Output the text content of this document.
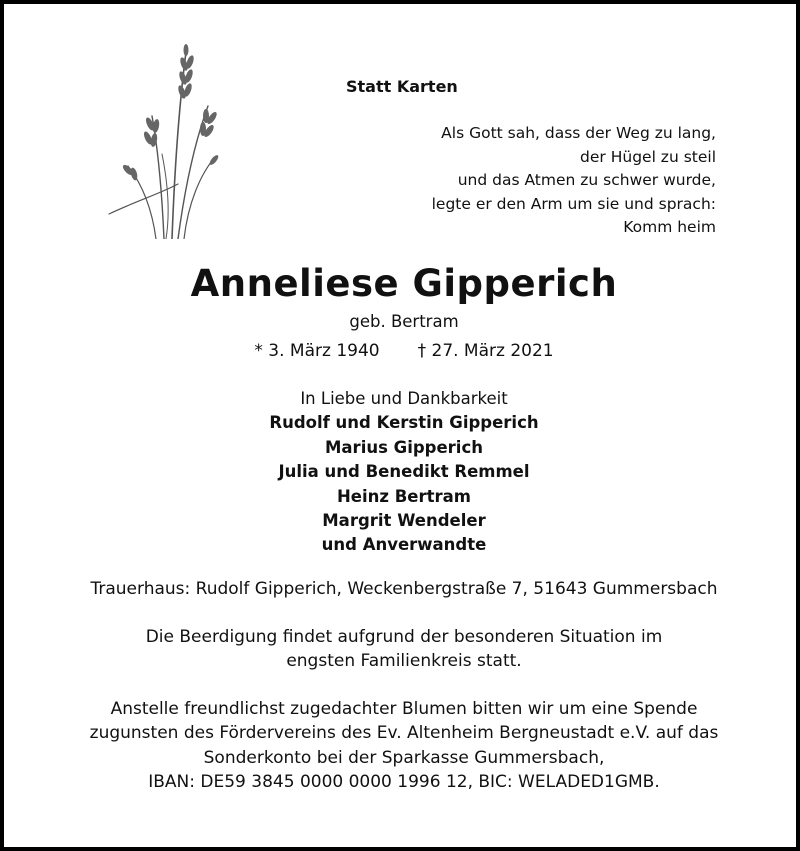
Statt Karten
Als Gott sah, dass der Weg zu lang,
der Hügel zu steil
und das Atmen zu schwer wurde,
legte er den Arm um sie und sprach:
Komm heim
Anneliese Gipperich
geb. Bertram
* 3. März 1940 † 27. März 2021
In Liebe und Dankbarkeit
Rudolf und Kerstin Gipperich
Marius Gipperich
Julia und Benedikt Remmel
Heinz Bertram
Margrit Wendeler
und Anverwandte
Trauerhaus: Rudolf Gipperich, Weckenbergstraße 7, 51643 Gummersbach
Die Beerdigung findet aufgrund der besonderen Situation im
engsten Familienkreis statt.
Anstelle freundlichst zugedachter Blumen bitten wir um eine Spende
zugunsten des Fördervereins des Ev. Altenheim Bergneustadt e.V. auf das
Sonderkonto bei der Sparkasse Gummersbach,
IBAN: DE59 3845 0000 0000 1996 12, BIC: WELADED1GMB.
